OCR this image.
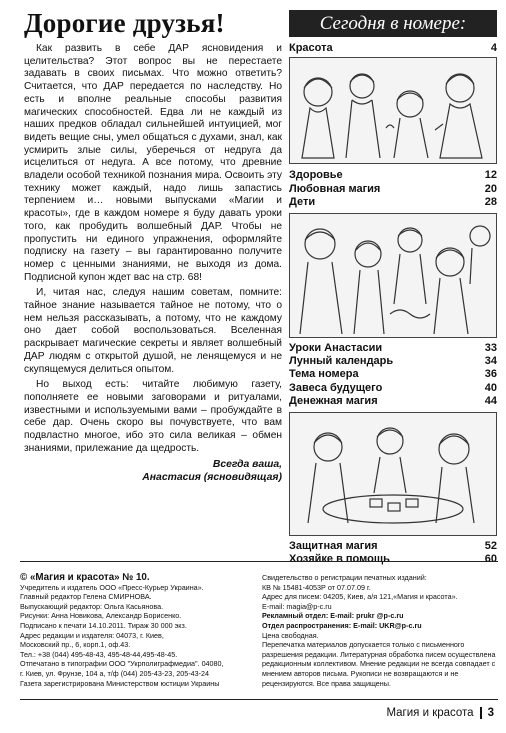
Дорогие друзья!

Как развить в себе ДАР ясновидения и целительства? Этот вопрос вы не перестаете задавать в своих письмах. Что можно ответить? Считается, что ДАР передается по наследству. Но есть и вполне реальные способы развития магических способностей. Едва ли не каждый из наших предков обладал сильнейшей интуицией, мог видеть вещие сны, умел общаться с духами, знал, как усмирить злые силы, уберечься от недруга да исцелиться от недуга. А все потому, что древние владели особой техникой познания мира. Освоить эту технику может каждый, надо лишь запастись терпением и… новыми выпусками «Магии и красоты», где в каждом номере я буду давать уроки того, как пробудить волшебный ДАР. Чтобы не пропустить ни единого упражнения, оформляйте подписку на газету – вы гарантированно получите номер с ценными знаниями, не выходя из дома. Подписной купон ждет вас на стр. 68!

И, читая нас, следуя нашим советам, помните: тайное знание называется тайное не потому, что о нем нельзя рассказывать, а потому, что не каждому оно дает собой воспользоваться. Вселенная раскрывает магические секреты и являет волшебный ДАР людям с открытой душой, не ленящемуся и не скупящемуся делиться опытом.

Но выход есть: читайте любимую газету, пополняете ее новыми заговорами и ритуалами, известными и используемыми вами – пробуждайте в себе дар. Очень скоро вы почувствуете, что вам подвластно многое, ибо это сила великая – обмен знаниями, прилежание да щедрость.

Всегда ваша,
Анастасия (ясновидящая)
Сегодня в номере:
Красота	4
Здоровье	12
Любовная магия	20
Дети	28
Уроки Анастасии	33
Лунный календарь	34
Тема номера	36
Завеса будущего	40
Денежная магия	44
Защитная магия	52
Хозяйке в помощь	60
© «Магия и красота» № 10.
Учредитель и издатель ООО «Пресс-Курьер Украина».
Главный редактор Гелена СМИРНОВА.
Выпускающий редактор: Ольга Касьянова.
Рисунки: Анна Новикова, Александр Борисенко.
Подписано к печати 14.10.2011. Тираж 30 000 экз.
Адрес редакции и издателя: 04073, г. Киев,
Московский пр., 6, корп.1, оф.43.
Тел.: +38 (044) 495-48-43, 495-48-44,495-48-45.
Отпечатано в типографии ООО "Укрполиграфмедиа". 04080,
г. Киев, ул. Фрунзе, 104 а, т/ф (044) 205-43-23, 205-43-24
Газета зарегистрирована Министерством юстиции Украины
Свидетельство о регистрации печатных изданий:
КВ № 15481-4053Р от 07.07.09 г.
Адрес для писем: 04205, Киев, а/я 121,«Магия и красота».
E-mail: magia@p-c.ru
Рекламный отдел: E-mail: prukr @p-c.ru
Отдел распространения: E-mail: UKR@p-c.ru
Цена свободная.
Перепечатка материалов допускается только с письменного разрешения редакции. Литературная обработка писем осуществлена редакционным коллективом. Мнение редакции не всегда совпадает с мнением авторов письма. Рукописи не возвращаются и не рецензируются. Все права защищены.
Магия и красота 3
